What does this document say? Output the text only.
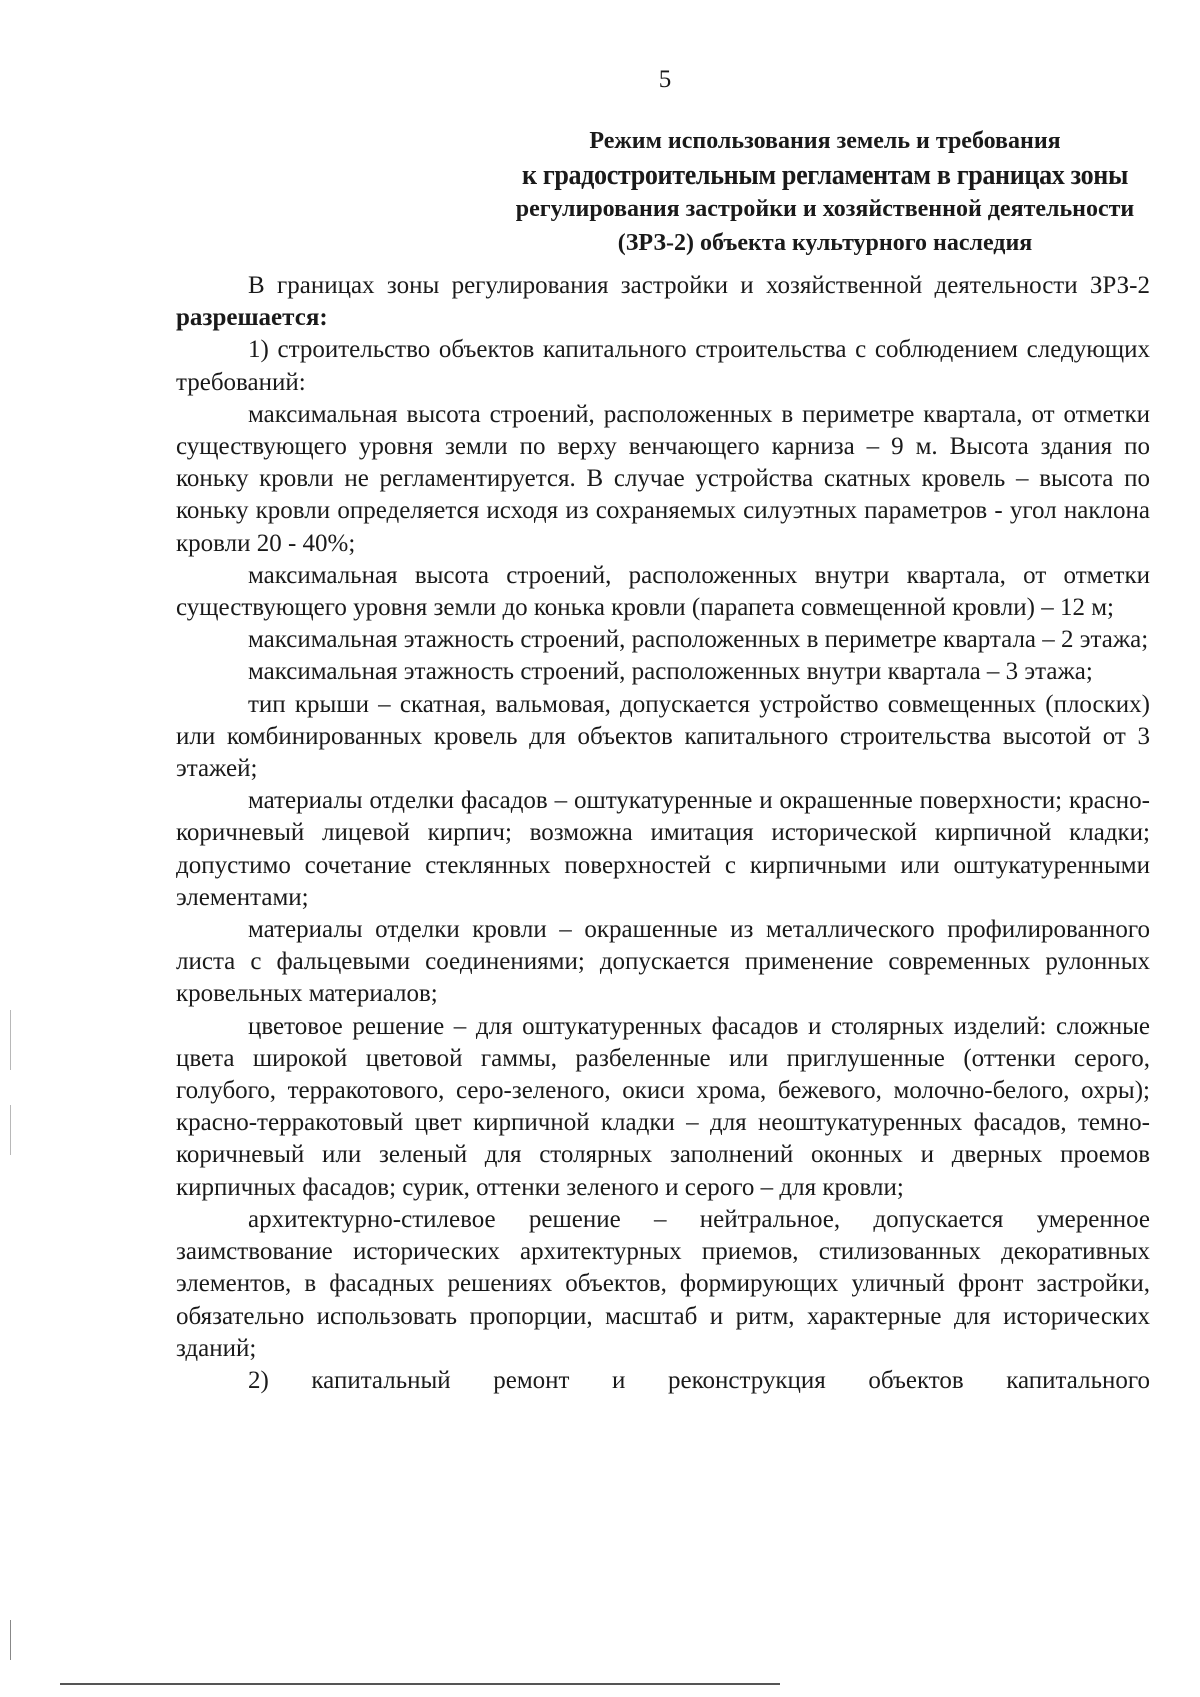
5
Режим использования земель и требования
к градостроительным регламентам в границах зоны
регулирования застройки и хозяйственной деятельности
(ЗРЗ-2) объекта культурного наследия

В границах зоны регулирования застройки и хозяйственной деятельности ЗРЗ-2 разрешается:

1) строительство объектов капитального строительства с соблюдением следующих требований:

максимальная высота строений, расположенных в периметре квартала, от отметки существующего уровня земли по верху венчающего карниза – 9 м. Высота здания по коньку кровли не регламентируется. В случае устройства скатных кровель – высота по коньку кровли определяется исходя из сохраняемых силуэтных параметров - угол наклона кровли 20 - 40%;

максимальная высота строений, расположенных внутри квартала, от отметки существующего уровня земли до конька кровли (парапета совмещенной кровли) – 12 м;

максимальная этажность строений, расположенных в периметре квартала – 2 этажа;

максимальная этажность строений, расположенных внутри квартала – 3 этажа;

тип крыши – скатная, вальмовая, допускается устройство совмещенных (плоских) или комбинированных кровель для объектов капитального строительства высотой от 3 этажей;

материалы отделки фасадов – оштукатуренные и окрашенные поверхности; красно-коричневый лицевой кирпич; возможна имитация исторической кирпичной кладки; допустимо сочетание стеклянных поверхностей с кирпичными или оштукатуренными элементами;

материалы отделки кровли – окрашенные из металлического профилированного листа с фальцевыми соединениями; допускается применение современных рулонных кровельных материалов;

цветовое решение – для оштукатуренных фасадов и столярных изделий: сложные цвета широкой цветовой гаммы, разбеленные или приглушенные (оттенки серого, голубого, терракотового, серо-зеленого, окиси хрома, бежевого, молочно-белого, охры); красно-терракотовый цвет кирпичной кладки – для неоштукатуренных фасадов, темно-коричневый или зеленый для столярных заполнений оконных и дверных проемов кирпичных фасадов; сурик, оттенки зеленого и серого – для кровли;

архитектурно-стилевое решение – нейтральное, допускается умеренное заимствование исторических архитектурных приемов, стилизованных декоративных элементов, в фасадных решениях объектов, формирующих уличный фронт застройки, обязательно использовать пропорции, масштаб и ритм, характерные для исторических зданий;

2) капитальный ремонт и реконструкция объектов капитального
